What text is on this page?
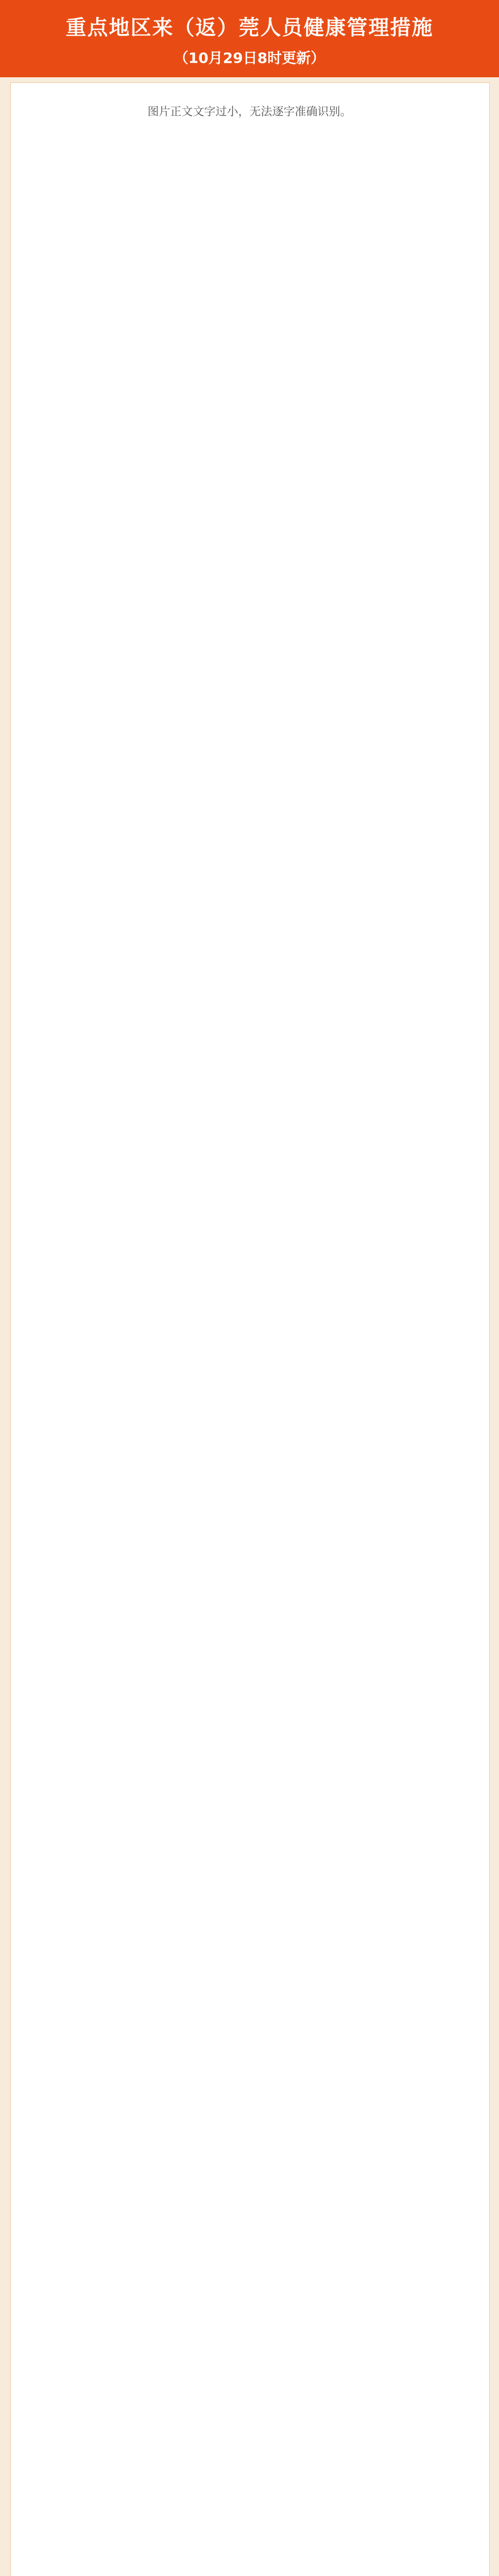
重点地区来（返）莞人员健康管理措施
（10月29日8时更新）
图片正文文字过小，无法逐字准确识别。
